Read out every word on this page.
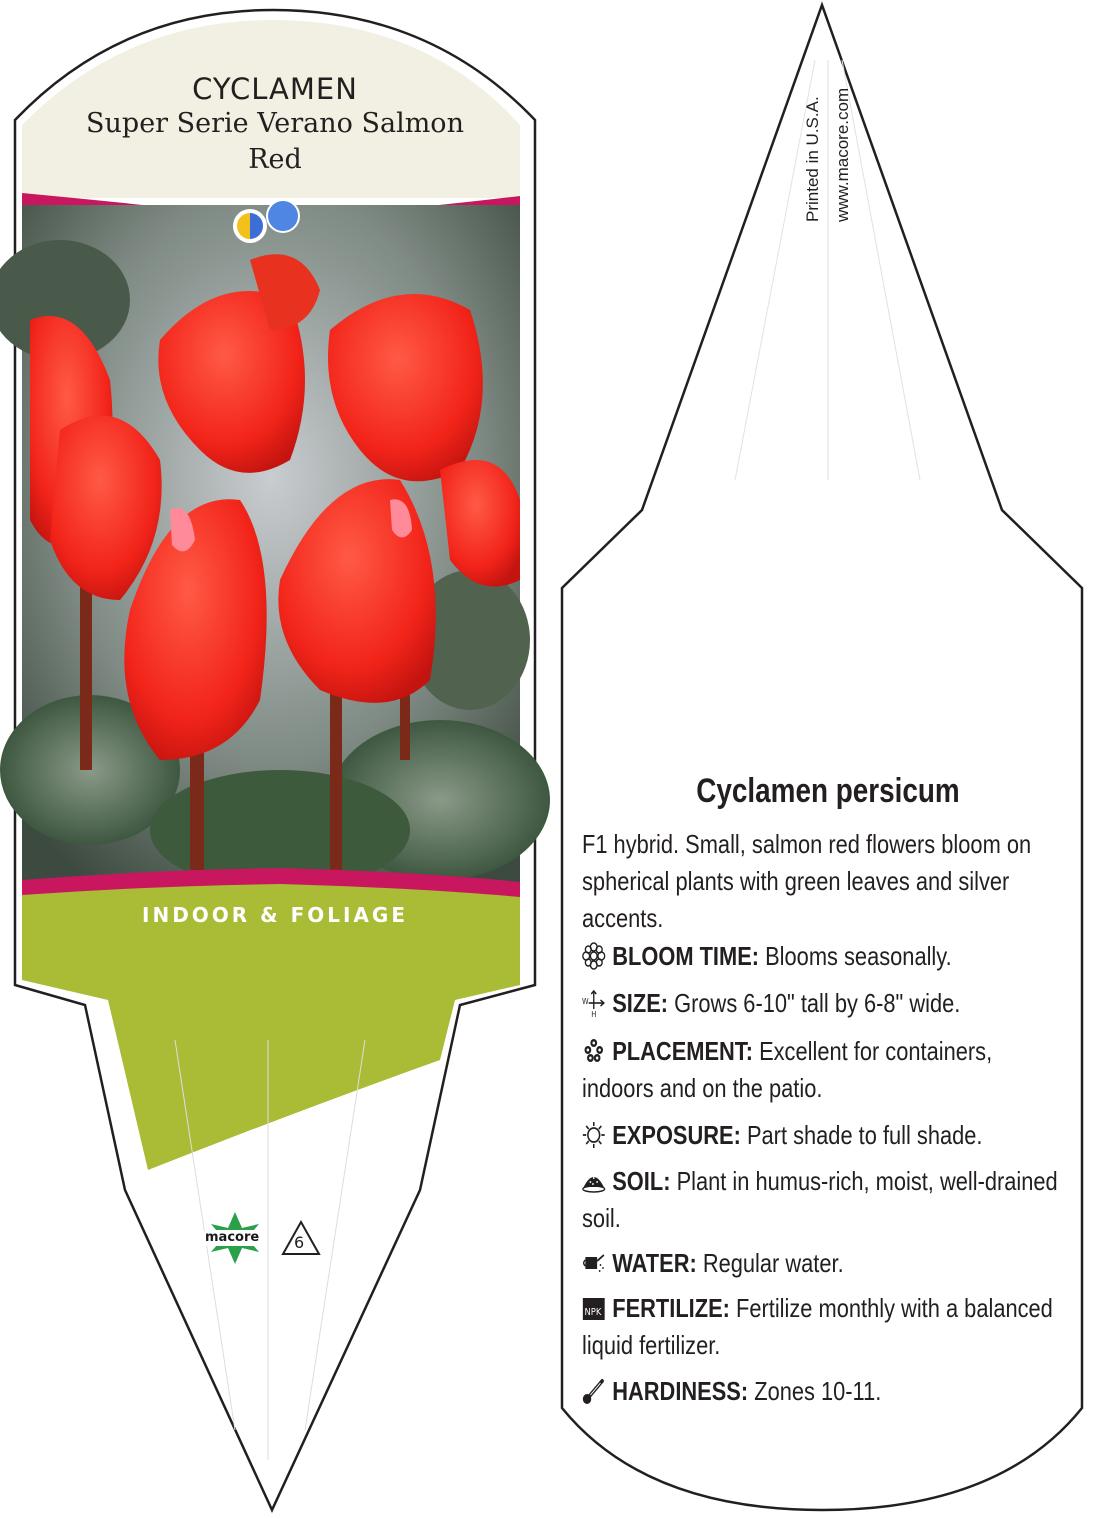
CYCLAMEN
Super Serie Verano Salmon Red
INDOOR & FOLIAGE
macore 6
Printed in U.S.A. www.macore.com
Cyclamen persicum
F1 hybrid. Small, salmon red flowers bloom on spherical plants with green leaves and silver accents.
BLOOM TIME: Blooms seasonally.
W
H SIZE: Grows 6-10" tall by 6-8" wide.
PLACEMENT: Excellent for containers, indoors and on the patio.
EXPOSURE: Part shade to full shade.
SOIL: Plant in humus-rich, moist, well-drained soil.
WATER: Regular water.
NPK FERTILIZE: Fertilize monthly with a balanced liquid fertilizer.
HARDINESS: Zones 10-11.
